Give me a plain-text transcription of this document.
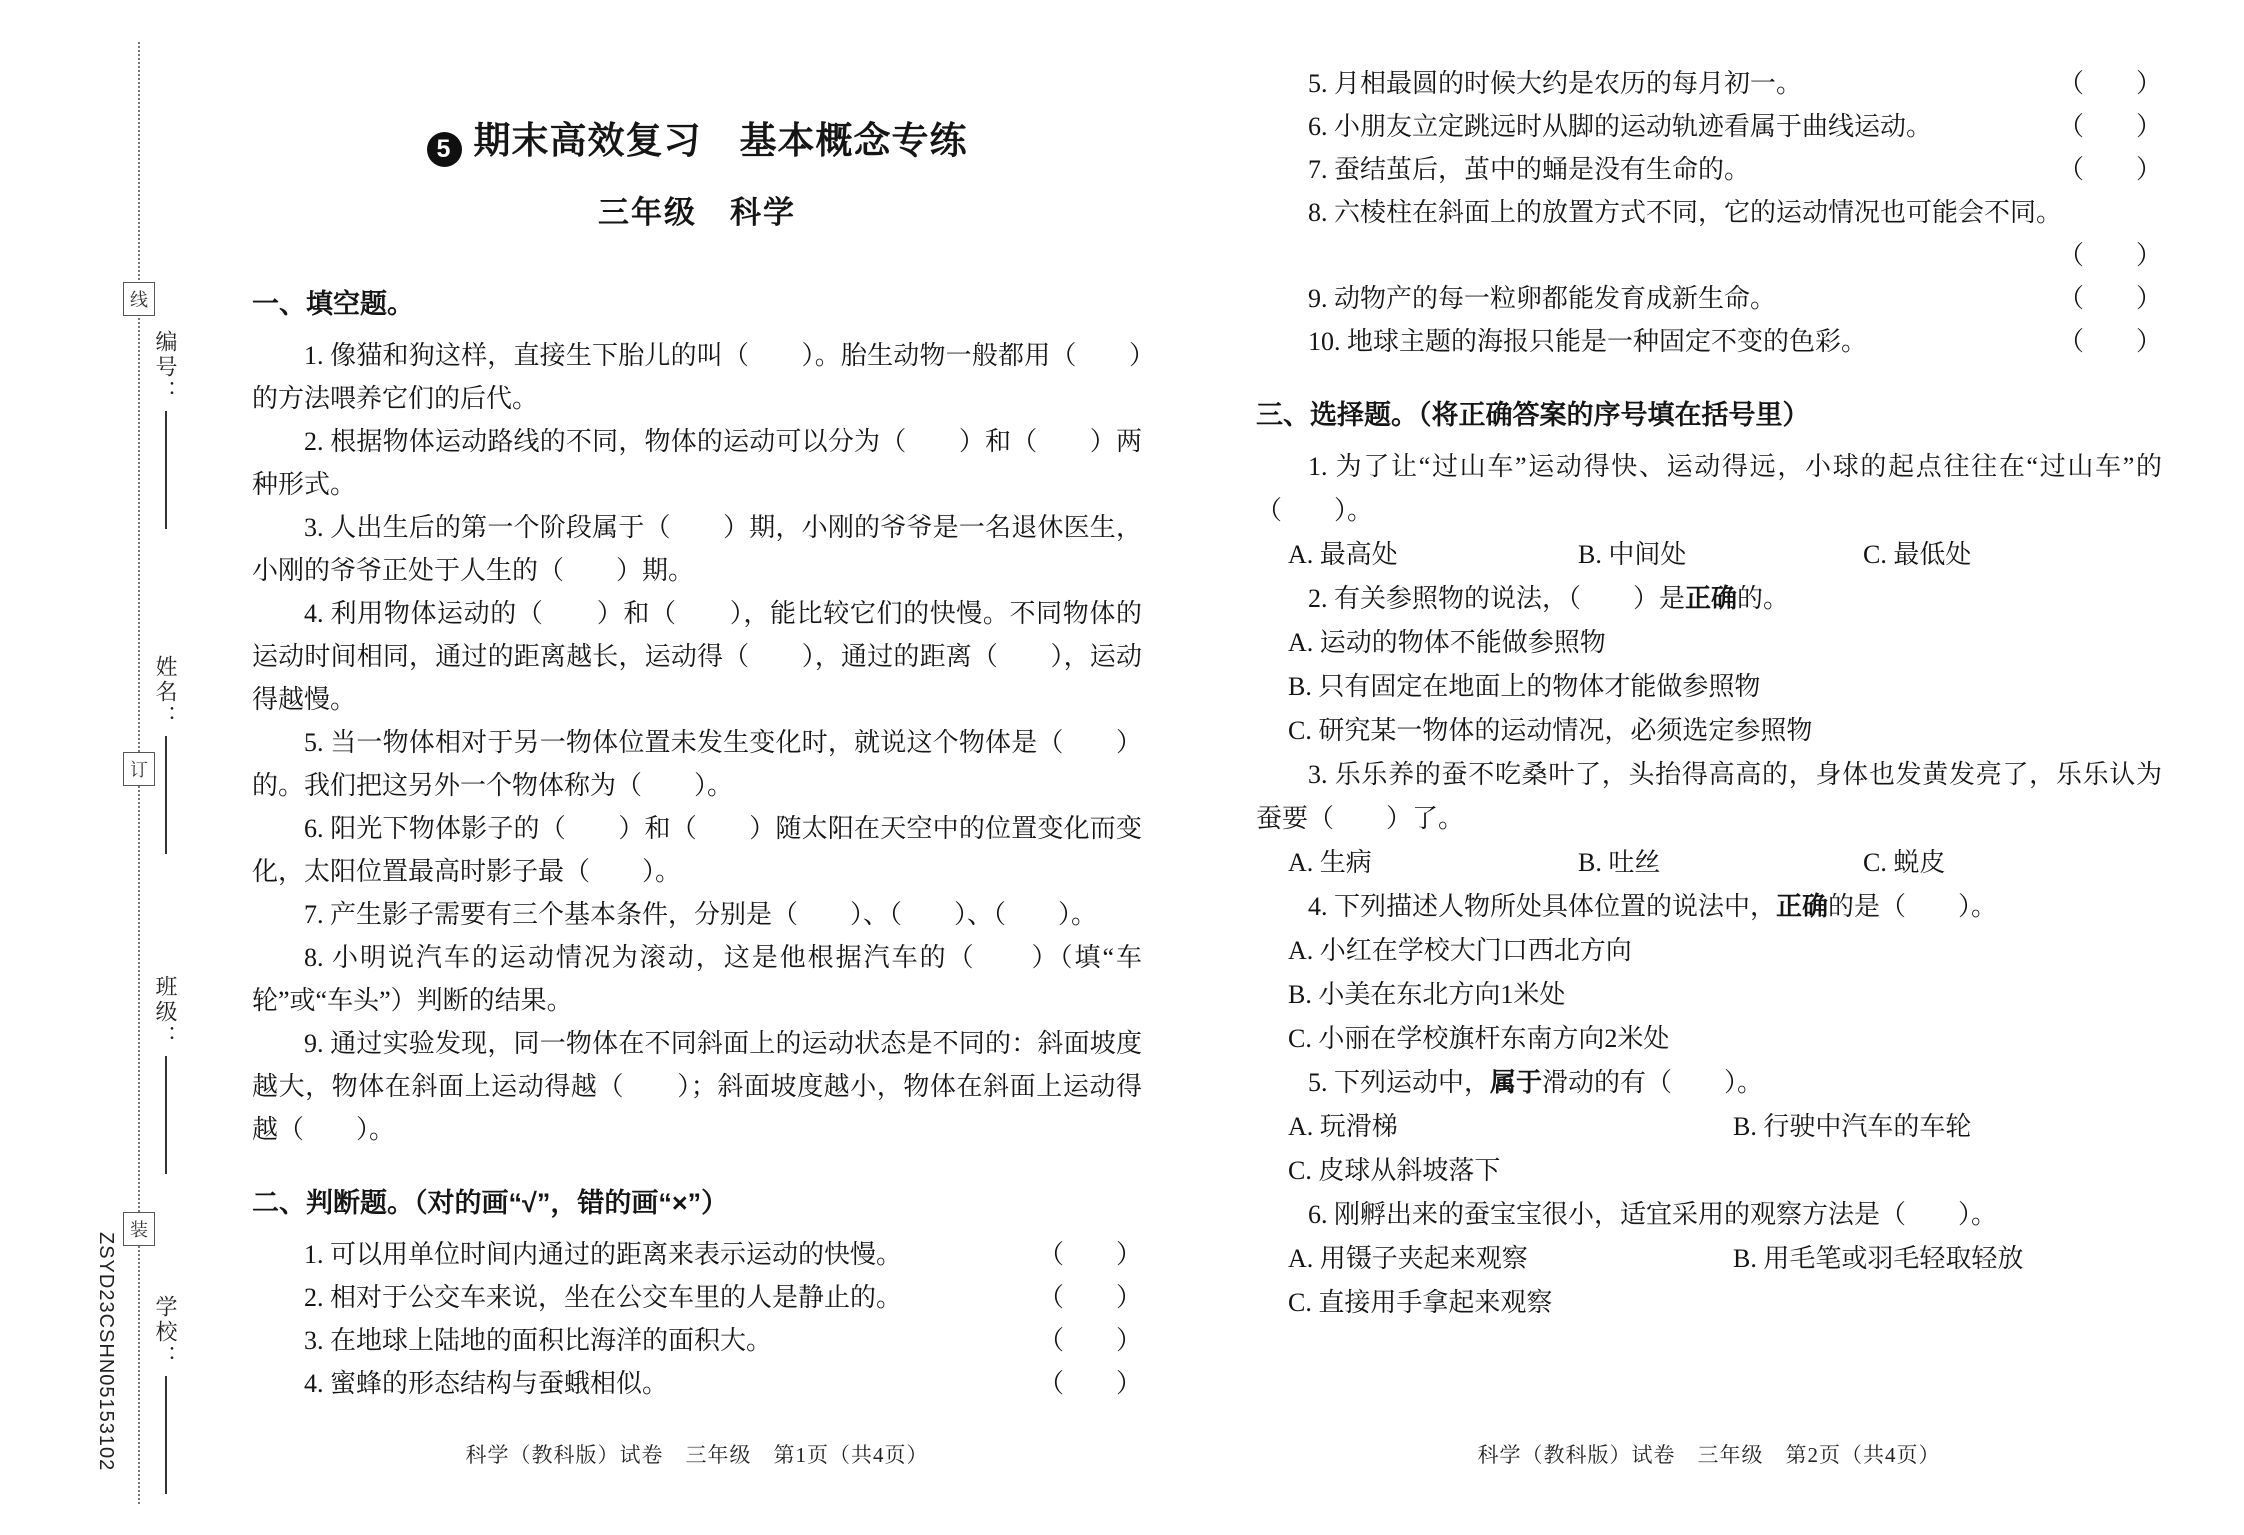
线
订
装
编号：
姓名：
班级：
学校：
ZSYD23CSHN05153102
5 期末高效复习　基本概念专练
三年级　科学
一、填空题。

1. 像猫和狗这样，直接生下胎儿的叫（　　）。胎生动物一般都用（　　）的方法喂养它们的后代。

2. 根据物体运动路线的不同，物体的运动可以分为（　　）和（　　）两种形式。

3. 人出生后的第一个阶段属于（　　）期，小刚的爷爷是一名退休医生，小刚的爷爷正处于人生的（　　）期。

4. 利用物体运动的（　　）和（　　），能比较它们的快慢。不同物体的运动时间相同，通过的距离越长，运动得（　　），通过的距离（　　），运动得越慢。

5. 当一物体相对于另一物体位置未发生变化时，就说这个物体是（　　）的。我们把这另外一个物体称为（　　）。

6. 阳光下物体影子的（　　）和（　　）随太阳在天空中的位置变化而变化，太阳位置最高时影子最（　　）。

7. 产生影子需要有三个基本条件，分别是（　　）、（　　）、（　　）。

8. 小明说汽车的运动情况为滚动，这是他根据汽车的（　　）（填“车轮”或“车头”）判断的结果。

9. 通过实验发现，同一物体在不同斜面上的运动状态是不同的：斜面坡度越大，物体在斜面上运动得越（　　）；斜面坡度越小，物体在斜面上运动得越（　　）。

二、判断题。（对的画“√”，错的画“×”）
1. 可以用单位时间内通过的距离来表示运动的快慢。	（　　）
2. 相对于公交车来说，坐在公交车里的人是静止的。	（　　）
3. 在地球上陆地的面积比海洋的面积大。	（　　）
4. 蜜蜂的形态结构与蚕蛾相似。	（　　）
科学（教科版）试卷　三年级　第1页（共4页）
5. 月相最圆的时候大约是农历的每月初一。	（　　）
6. 小朋友立定跳远时从脚的运动轨迹看属于曲线运动。	（　　）
7. 蚕结茧后，茧中的蛹是没有生命的。	（　　）
8. 六棱柱在斜面上的放置方式不同，它的运动情况也可能会不同。
（　　）
9. 动物产的每一粒卵都能发育成新生命。	（　　）
10. 地球主题的海报只能是一种固定不变的色彩。	（　　）
三、选择题。（将正确答案的序号填在括号里）

1. 为了让“过山车”运动得快、运动得远，小球的起点往往在“过山车”的（　　）。

A. 最高处	B. 中间处	C. 最低处

2. 有关参照物的说法，（　　）是正确的。

A. 运动的物体不能做参照物
B. 只有固定在地面上的物体才能做参照物
C. 研究某一物体的运动情况，必须选定参照物

3. 乐乐养的蚕不吃桑叶了，头抬得高高的，身体也发黄发亮了，乐乐认为蚕要（　　）了。

A. 生病	B. 吐丝	C. 蜕皮

4. 下列描述人物所处具体位置的说法中，正确的是（　　）。

A. 小红在学校大门口西北方向
B. 小美在东北方向1米处
C. 小丽在学校旗杆东南方向2米处

5. 下列运动中，属于滑动的有（　　）。

A. 玩滑梯	B. 行驶中汽车的车轮
C. 皮球从斜坡落下

6. 刚孵出来的蚕宝宝很小，适宜采用的观察方法是（　　）。

A. 用镊子夹起来观察	B. 用毛笔或羽毛轻取轻放
C. 直接用手拿起来观察
科学（教科版）试卷　三年级　第2页（共4页）
